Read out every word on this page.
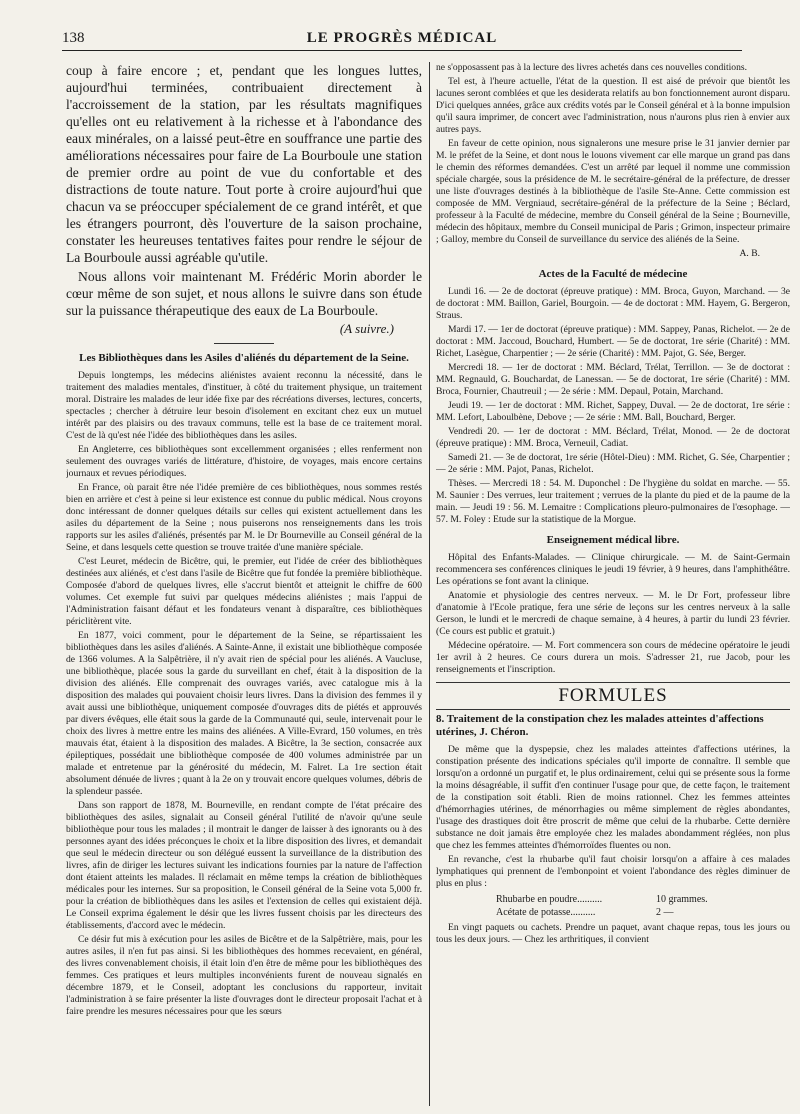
138	LE PROGRÈS MÉDICAL

coup à faire encore ; et, pendant que les longues luttes, aujourd'hui terminées, contribuaient directement à l'accroissement de la station, par les résultats magnifiques qu'elles ont eu relativement à la richesse et à l'abondance des eaux minérales, on a laissé peut-être en souffrance une partie des améliorations nécessaires pour faire de La Bourboule une station de premier ordre au point de vue du confortable et des distractions de toute nature. Tout porte à croire aujourd'hui que chacun va se préoccuper spécialement de ce grand intérêt, et que les étrangers pourront, dès l'ouverture de la saison prochaine, constater les heureuses tentatives faites pour rendre le séjour de La Bourboule aussi agréable qu'utile.

Nous allons voir maintenant M. Frédéric Morin aborder le cœur même de son sujet, et nous allons le suivre dans son étude sur la puissance thérapeutique des eaux de La Bourboule.

(A suivre.)
Les Bibliothèques dans les Asiles d'aliénés du département de la Seine.

Depuis longtemps, les médecins aliénistes avaient reconnu la nécessité, dans le traitement des maladies mentales, d'instituer, à côté du traitement physique, un traitement moral. Distraire les malades de leur idée fixe par des récréations diverses, lectures, concerts, spectacles ; chercher à détruire leur besoin d'isolement en excitant chez eux un mutuel intérêt par des plaisirs ou des travaux communs, telle est la base de ce traitement moral. C'est de là qu'est née l'idée des bibliothèques dans les asiles.

En Angleterre, ces bibliothèques sont excellemment organisées ; elles renferment non seulement des ouvrages variés de littérature, d'histoire, de voyages, mais encore certains journaux et revues périodiques.

En France, où parait être née l'idée première de ces bibliothèques, nous sommes restés bien en arrière et c'est à peine si leur existence est connue du public médical. Nous croyons donc intéressant de donner quelques détails sur celles qui existent actuellement dans les asiles du département de la Seine ; nous puiserons nos renseignements dans les trois rapports sur les asiles d'aliénés, présentés par M. le Dr Bourneville au Conseil général de la Seine, et dans lesquels cette question se trouve traitée d'une manière spéciale.

C'est Leuret, médecin de Bicêtre, qui, le premier, eut l'idée de créer des bibliothèques destinées aux aliénés, et c'est dans l'asile de Bicêtre que fut fondée la première bibliothèque. Composée d'abord de quelques livres, elle s'accrut bientôt et atteignit le chiffre de 600 volumes. Cet exemple fut suivi par quelques médecins aliénistes ; mais l'appui de l'Administration faisant défaut et les fondateurs venant à disparaître, ces bibliothèques périclitèrent vite.

En 1877, voici comment, pour le département de la Seine, se répartissaient les bibliothèques dans les asiles d'aliénés. A Sainte-Anne, il existait une bibliothèque composée de 1366 volumes. A la Salpêtrière, il n'y avait rien de spécial pour les aliénés. A Vaucluse, une bibliothèque, placée sous la garde du surveillant en chef, était à la disposition de la division des aliénés. Elle comprenait des ouvrages variés, avec catalogue mis à la disposition des malades qui pouvaient choisir leurs livres. Dans la division des femmes il y avait aussi une bibliothèque, uniquement composée d'ouvrages dits de piétés et approuvés par divers évêques, elle était sous la garde de la Communauté qui, seule, intervenait pour le choix des livres à mettre entre les mains des aliénées. A Ville-Evrard, 150 volumes, en très mauvais état, étaient à la disposition des malades. A Bicêtre, la 3e section, consacrée aux épileptiques, possédait une bibliothèque composée de 400 volumes administrée par un malade et entretenue par la générosité du médecin, M. Falret. La 1re section était absolument dénuée de livres ; quant à la 2e on y trouvait encore quelques volumes, débris de la splendeur passée.

Dans son rapport de 1878, M. Bourneville, en rendant compte de l'état précaire des bibliothèques des asiles, signalait au Conseil général l'utilité de n'avoir qu'une seule bibliothèque pour tous les malades ; il montrait le danger de laisser à des ignorants ou à des personnes ayant des idées préconçues le choix et la libre disposition des livres, et demandait que seul le médecin directeur ou son délégué eussent la surveillance de la distribution des livres, afin de diriger les lectures suivant les indications fournies par la nature de l'affection dont étaient atteints les malades. Il réclamait en même temps la création de bibliothèques médicales pour les internes. Sur sa proposition, le Conseil général de la Seine vota 5,000 fr. pour la création de bibliothèques dans les asiles et l'extension de celles qui existaient déjà. Le Conseil exprima également le désir que les livres fussent choisis par les directeurs des établissements, d'accord avec le médecin.

Ce désir fut mis à exécution pour les asiles de Bicêtre et de la Salpêtrière, mais, pour les autres asiles, il n'en fut pas ainsi. Si les bibliothèques des hommes recevaient, en général, des livres convenablement choisis, il était loin d'en être de même pour les bibliothèques des femmes. Ces pratiques et leurs multiples inconvénients furent de nouveau signalés en décembre 1879, et le Conseil, adoptant les conclusions du rapporteur, invitait l'administration à se faire présenter la liste d'ouvrages dont le directeur proposait l'achat et à faire prendre les mesures nécessaires pour que les sœurs

ne s'opposassent pas à la lecture des livres achetés dans ces nouvelles conditions.

Tel est, à l'heure actuelle, l'état de la question. Il est aisé de prévoir que bientôt les lacunes seront comblées et que les desiderata relatifs au bon fonctionnement auront disparu. D'ici quelques années, grâce aux crédits votés par le Conseil général et à la bonne impulsion qu'il saura imprimer, de concert avec l'administration, nous n'aurons plus rien à envier aux autres pays.

En faveur de cette opinion, nous signalerons une mesure prise le 31 janvier dernier par M. le préfet de la Seine, et dont nous le louons vivement car elle marque un grand pas dans le chemin des réformes demandées. C'est un arrêté par lequel il nomme une commission spéciale chargée, sous la présidence de M. le secrétaire-général de la préfecture, de dresser une liste d'ouvrages destinés à la bibliothèque de l'asile Ste-Anne. Cette commission est composée de MM. Vergniaud, secrétaire-général de la préfecture de la Seine ; Béclard, professeur à la Faculté de médecine, membre du Conseil général de la Seine ; Bourneville, médecin des hôpitaux, membre du Conseil municipal de Paris ; Grimon, inspecteur primaire ; Galloy, membre du Conseil de surveillance du service des aliénés de la Seine.

A. B.
Actes de la Faculté de médecine

Lundi 16. — 2e de doctorat (épreuve pratique) : MM. Broca, Guyon, Marchand. — 3e de doctorat : MM. Baillon, Gariel, Bourgoin. — 4e de doctorat : MM. Hayem, G. Bergeron, Straus.

Mardi 17. — 1er de doctorat (épreuve pratique) : MM. Sappey, Panas, Richelot. — 2e de doctorat : MM. Jaccoud, Bouchard, Humbert. — 5e de doctorat, 1re série (Charité) : MM. Richet, Lasègue, Charpentier ; — 2e série (Charité) : MM. Pajot, G. Sée, Berger.

Mercredi 18. — 1er de doctorat : MM. Béclard, Trélat, Terrillon. — 3e de doctorat : MM. Regnauld, G. Bouchardat, de Lanessan. — 5e de doctorat, 1re série (Charité) : MM. Broca, Fournier, Chautreuil ; — 2e série : MM. Depaul, Potain, Marchand.

Jeudi 19. — 1er de doctorat : MM. Richet, Sappey, Duval. — 2e de doctorat, 1re série : MM. Lefort, Laboulbène, Debove ; — 2e série : MM. Ball, Bouchard, Berger.

Vendredi 20. — 1er de doctorat : MM. Béclard, Trélat, Monod. — 2e de doctorat (épreuve pratique) : MM. Broca, Verneuil, Cadiat.

Samedi 21. — 3e de doctorat, 1re série (Hôtel-Dieu) : MM. Richet, G. Sée, Charpentier ; — 2e série : MM. Pajot, Panas, Richelot.

Thèses. — Mercredi 18 : 54. M. Duponchel : De l'hygiène du soldat en marche. — 55. M. Saunier : Des verrues, leur traitement ; verrues de la plante du pied et de la paume de la main. — Jeudi 19 : 56. M. Lemaitre : Complications pleuro-pulmonaires de l'œsophage. — 57. M. Foley : Etude sur la statistique de la Morgue.

Enseignement médical libre.

Hôpital des Enfants-Malades. — Clinique chirurgicale. — M. de Saint-Germain recommencera ses conférences cliniques le jeudi 19 février, à 9 heures, dans l'amphithéâtre. Les opérations se font avant la clinique.

Anatomie et physiologie des centres nerveux. — M. le Dr Fort, professeur libre d'anatomie à l'Ecole pratique, fera une série de leçons sur les centres nerveux à la salle Gerson, le lundi et le mercredi de chaque semaine, à 4 heures, à partir du lundi 23 février. (Ce cours est public et gratuit.)

Médecine opératoire. — M. Fort commencera son cours de médecine opératoire le jeudi 1er avril à 2 heures. Ce cours durera un mois. S'adresser 21, rue Jacob, pour les renseignements et l'inscription.

FORMULES
8. Traitement de la constipation chez les malades atteintes d'affections utérines, J. Chéron.

De même que la dyspepsie, chez les malades atteintes d'affections utérines, la constipation présente des indications spéciales qu'il importe de connaître. Il semble que lorsqu'on a ordonné un purgatif et, le plus ordinairement, celui qui se présente sous la forme la moins désagréable, il suffit d'en continuer l'usage pour que, de cette façon, le traitement de la constipation soit établi. Rien de moins rationnel. Chez les femmes atteintes d'hémorrhagies utérines, de ménorrhagies ou même simplement de règles abondantes, l'usage des drastiques doit être proscrit de même que celui de la rhubarbe. Cette dernière substance ne doit jamais être employée chez les malades abondamment réglées, non plus que chez les femmes atteintes d'hémorroïdes fluentes ou non.

En revanche, c'est la rhubarbe qu'il faut choisir lorsqu'on a affaire à ces malades lymphatiques qui prennent de l'embonpoint et voient l'abondance des règles diminuer de plus en plus :

Rhubarbe en poudre..........	10 grammes.
Acétate de potasse..........	2 —

En vingt paquets ou cachets. Prendre un paquet, avant chaque repas, tous les jours ou tous les deux jours. — Chez les arthritiques, il convient
